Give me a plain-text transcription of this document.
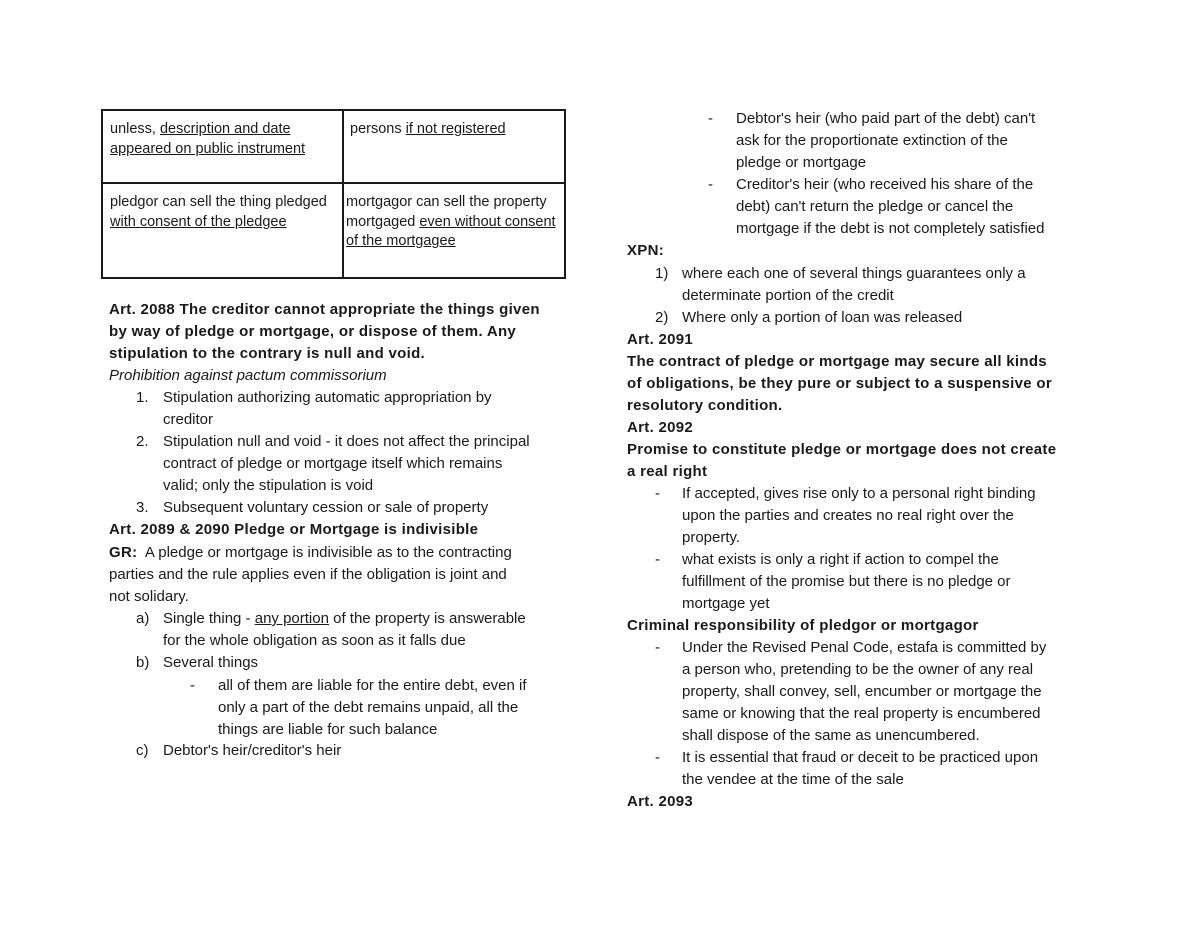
unless, description and date appeared on public instrument	persons if not registered
pledgor can sell the thing pledged with consent of the pledgee	mortgagor can sell the property mortgaged even without consent of the mortgagee
Art. 2088 The creditor cannot appropriate the things given
by way of pledge or mortgage, or dispose of them. Any
stipulation to the contrary is null and void.
Prohibition against pactum commissorium
1. Stipulation authorizing automatic appropriation by
creditor
2. Stipulation null and void - it does not affect the principal
contract of pledge or mortgage itself which remains
valid; only the stipulation is void
3. Subsequent voluntary cession or sale of property
Art. 2089 & 2090 Pledge or Mortgage is indivisible
GR:  A pledge or mortgage is indivisible as to the contracting
parties and the rule applies even if the obligation is joint and
not solidary.
a) Single thing - any portion of the property is answerable
for the whole obligation as soon as it falls due
b) Several things
- all of them are liable for the entire debt, even if
only a part of the debt remains unpaid, all the
things are liable for such balance
c) Debtor's heir/creditor's heir
- Debtor's heir (who paid part of the debt) can't
ask for the proportionate extinction of the
pledge or mortgage
- Creditor's heir (who received his share of the
debt) can't return the pledge or cancel the
mortgage if the debt is not completely satisfied
XPN:
1) where each one of several things guarantees only a
determinate portion of the credit
2) Where only a portion of loan was released
Art. 2091
The contract of pledge or mortgage may secure all kinds
of obligations, be they pure or subject to a suspensive or
resolutory condition.
Art. 2092
Promise to constitute pledge or mortgage does not create
a real right
- If accepted, gives rise only to a personal right binding
upon the parties and creates no real right over the
property.
- what exists is only a right if action to compel the
fulfillment of the promise but there is no pledge or
mortgage yet
Criminal responsibility of pledgor or mortgagor
- Under the Revised Penal Code, estafa is committed by
a person who, pretending to be the owner of any real
property, shall convey, sell, encumber or mortgage the
same or knowing that the real property is encumbered
shall dispose of the same as unencumbered.
- It is essential that fraud or deceit to be practiced upon
the vendee at the time of the sale
Art. 2093
